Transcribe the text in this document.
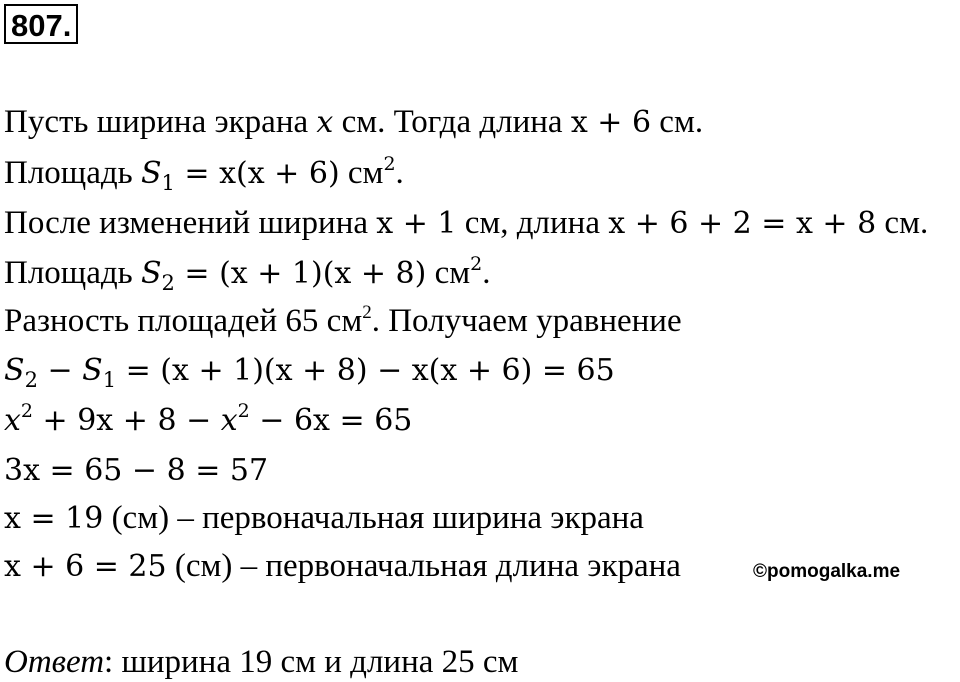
807.
Пусть ширина экрана x см. Тогда длина x + 6 см.
Площадь $S_1 = x(x + 6)$ $см^2$.
После изменений ширина x + 1 см, длина x + 6 + 2 = x + 8 см.
Площадь $S_2 = (x + 1)(x + 8)$ $см^2$.
Разность площадей 65 $см^2$. Получаем уравнение
$S_2 - S_1 = (x + 1)(x + 8) - x(x + 6) = 65$
$x^2 + 9x + 8 - x^2 - 6x = 65$
3x = 65 − 8 = 57
x = 19 (см) – первоначальная ширина экрана
x + 6 = 25 (см) – первоначальная длина экрана	©pomogalka.me
Ответ: ширина 19 см и длина 25 см
